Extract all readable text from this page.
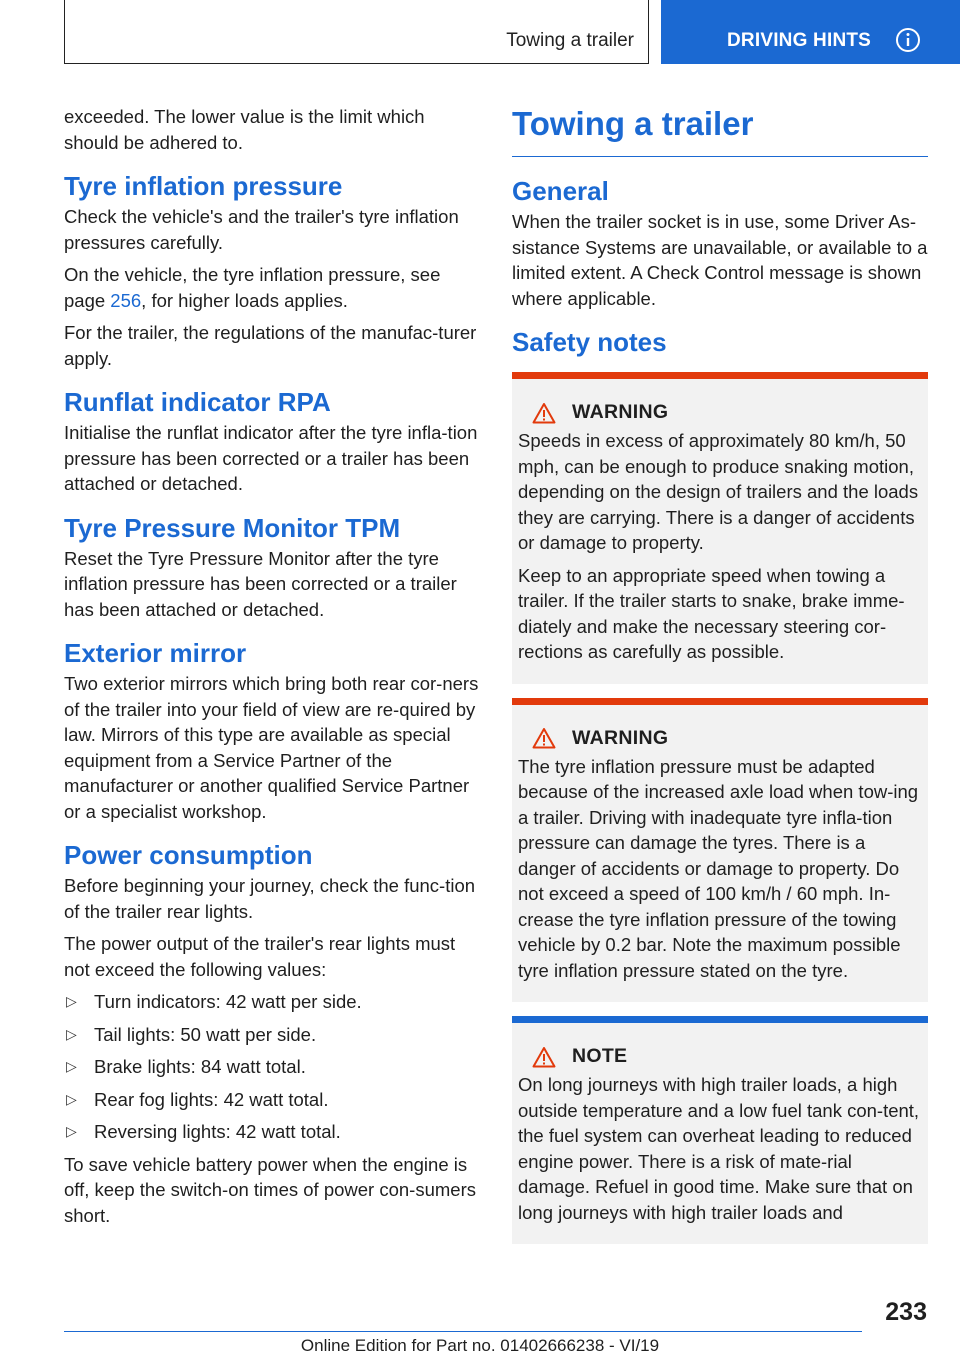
Towing a trailer	DRIVING HINTS

exceeded. The lower value is the limit which should be adhered to.

Tyre inflation pressure

Check the vehicle's and the trailer's tyre inflation pressures carefully.

On the vehicle, the tyre inflation pressure, see page 256, for higher loads applies.

For the trailer, the regulations of the manufac-turer apply.

Runflat indicator RPA

Initialise the runflat indicator after the tyre infla-tion pressure has been corrected or a trailer has been attached or detached.

Tyre Pressure Monitor TPM

Reset the Tyre Pressure Monitor after the tyre inflation pressure has been corrected or a trailer has been attached or detached.

Exterior mirror

Two exterior mirrors which bring both rear cor-ners of the trailer into your field of view are re-quired by law. Mirrors of this type are available as special equipment from a Service Partner of the manufacturer or another qualified Service Partner or a specialist workshop.

Power consumption

Before beginning your journey, check the func-tion of the trailer rear lights.

The power output of the trailer's rear lights must not exceed the following values:

▷ Turn indicators: 42 watt per side.
▷ Tail lights: 50 watt per side.
▷ Brake lights: 84 watt total.
▷ Rear fog lights: 42 watt total.
▷ Reversing lights: 42 watt total.

To save vehicle battery power when the engine is off, keep the switch-on times of power con-sumers short.

Towing a trailer
General

When the trailer socket is in use, some Driver As-sistance Systems are unavailable, or available to a limited extent. A Check Control message is shown where applicable.

Safety notes
WARNING

Speeds in excess of approximately 80 km/h, 50 mph, can be enough to produce snaking motion, depending on the design of trailers and the loads they are carrying. There is a danger of accidents or damage to property.

Keep to an appropriate speed when towing a trailer. If the trailer starts to snake, brake imme-diately and make the necessary steering cor-rections as carefully as possible.

WARNING

The tyre inflation pressure must be adapted because of the increased axle load when tow-ing a trailer. Driving with inadequate tyre infla-tion pressure can damage the tyres. There is a danger of accidents or damage to property. Do not exceed a speed of 100 km/h / 60 mph. In-crease the tyre inflation pressure of the towing vehicle by 0.2 bar. Note the maximum possible tyre inflation pressure stated on the tyre.

NOTE

On long journeys with high trailer loads, a high outside temperature and a low fuel tank con-tent, the fuel system can overheat leading to reduced engine power. There is a risk of mate-rial damage. Refuel in good time. Make sure that on long journeys with high trailer loads and

233
Online Edition for Part no. 01402666238 - VI/19
